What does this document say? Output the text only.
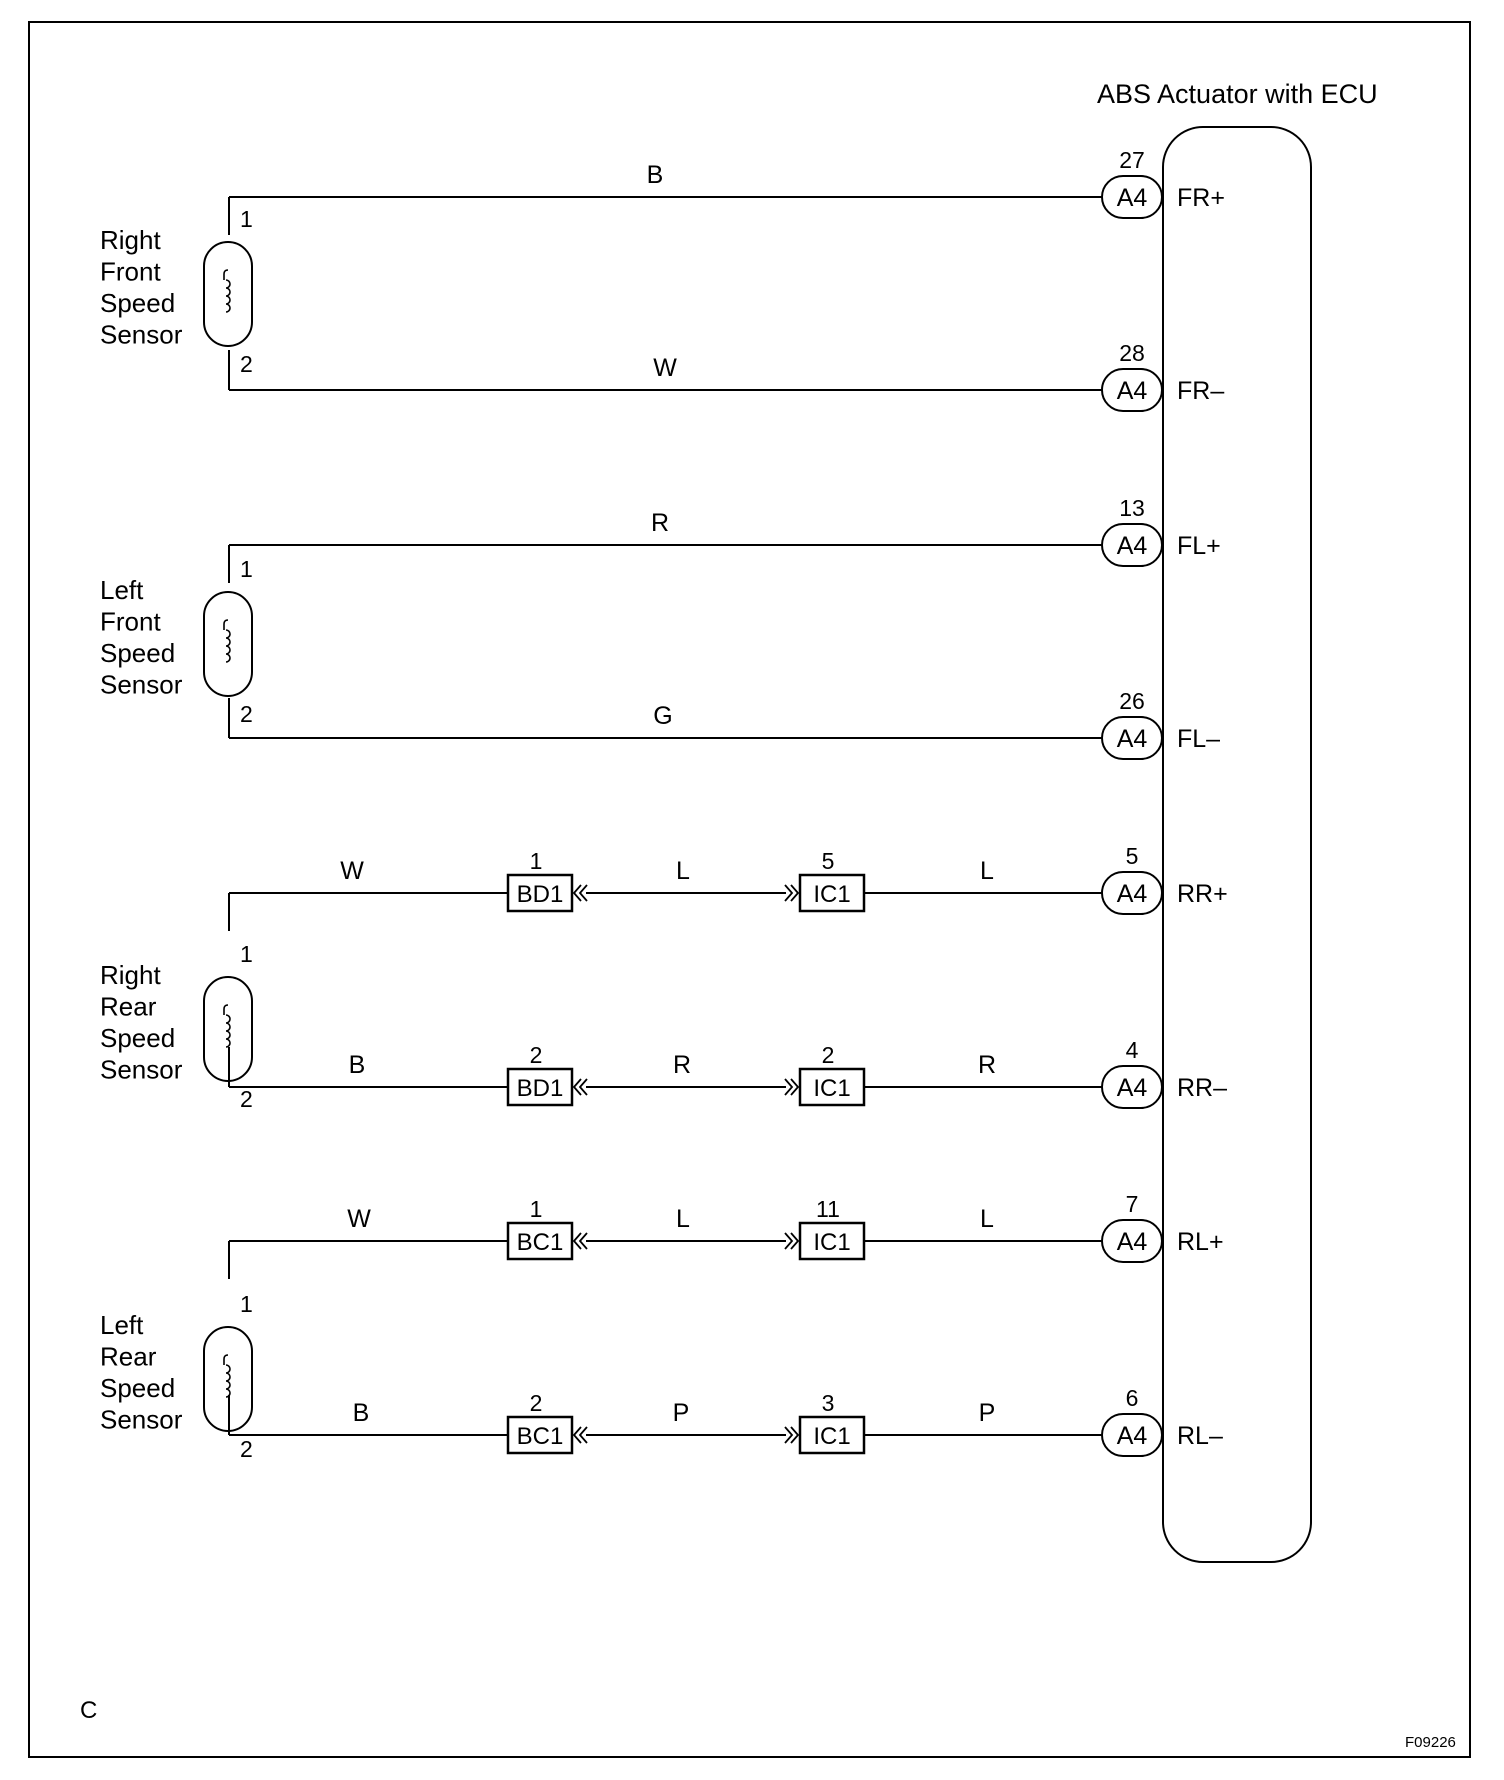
ABS Actuator with ECU
Right
Front
Speed
Sensor
1
2
Left
Front
Speed
Sensor
1
2
Right
Rear
Speed
Sensor
1
2
Left
Rear
Speed
Sensor
1
2
B
A4
27
FR+
W
A4
28
FR–
R
A4
13
FL+
G
A4
26
FL–
BD1
1
IC1
5
W	L	L
A4
5
RR+
BD1
2
IC1
2
B	R	R
A4
4
RR–
BC1
1
IC1
11
W	L	L
A4
7
RL+
BC1
2
IC1
3
B	P	P
A4
6
RL–
C
F09226
